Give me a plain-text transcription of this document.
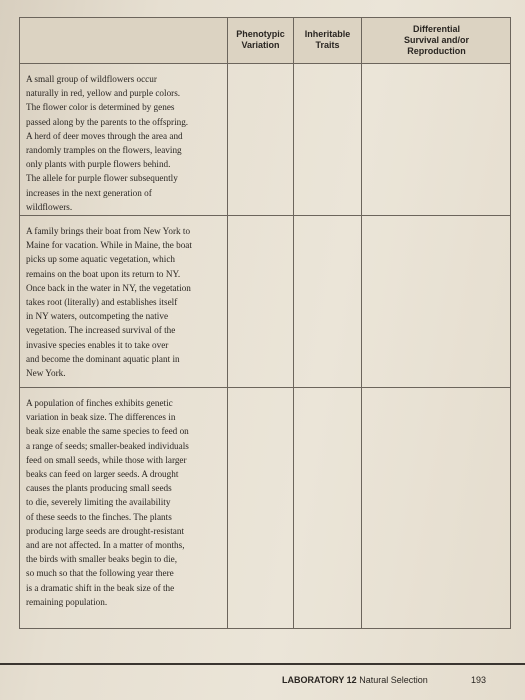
Phenotypic
Variation
Inheritable
Traits
Differential
Survival and/or
Reproduction
A small group of wildflowers occur
naturally in red, yellow and purple colors.
The flower color is determined by genes
passed along by the parents to the offspring.
A herd of deer moves through the area and
randomly tramples on the flowers, leaving
only plants with purple flowers behind.
The allele for purple flower subsequently
increases in the next generation of
wildflowers.
A family brings their boat from New York to
Maine for vacation. While in Maine, the boat
picks up some aquatic vegetation, which
remains on the boat upon its return to NY.
Once back in the water in NY, the vegetation
takes root (literally) and establishes itself
in NY waters, outcompeting the native
vegetation. The increased survival of the
invasive species enables it to take over
and become the dominant aquatic plant in
New York.
A population of finches exhibits genetic
variation in beak size. The differences in
beak size enable the same species to feed on
a range of seeds; smaller-beaked individuals
feed on small seeds, while those with larger
beaks can feed on larger seeds. A drought
causes the plants producing small seeds
to die, severely limiting the availability
of these seeds to the finches. The plants
producing large seeds are drought-resistant
and are not affected. In a matter of months,
the birds with smaller beaks begin to die,
so much so that the following year there
is a dramatic shift in the beak size of the
remaining population.
LABORATORY 12 Natural Selection	193
